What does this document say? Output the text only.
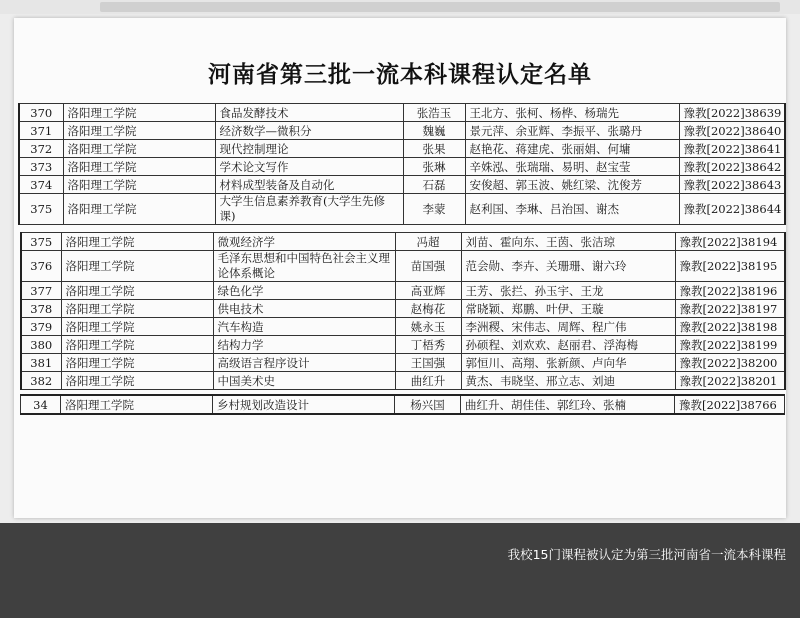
河南省第三批一流本科课程认定名单
370	洛阳理工学院	食品发酵技术	张浩玉	王北方、张柯、杨桦、杨瑞先	豫教[2022]38639
371	洛阳理工学院	经济数学—微积分	魏巍	景元萍、余亚辉、李振平、张璐丹	豫教[2022]38640
372	洛阳理工学院	现代控制理论	张果	赵艳花、蒋建虎、张丽娟、何墉	豫教[2022]38641
373	洛阳理工学院	学术论文写作	张琳	辛姝泓、张瑞瑞、易明、赵宝莹	豫教[2022]38642
374	洛阳理工学院	材料成型装备及自动化	石磊	安俊超、郭玉波、姚红梁、沈俊芳	豫教[2022]38643
375	洛阳理工学院	大学生信息素养教育(大学生先修课)	李蒙	赵利国、李琳、吕治国、谢杰	豫教[2022]38644
375	洛阳理工学院	微观经济学	冯超	刘苗、霍向东、王茵、张洁琼	豫教[2022]38194
376	洛阳理工学院	毛泽东思想和中国特色社会主义理论体系概论	苗国强	范会勋、李卉、关珊珊、谢六玲	豫教[2022]38195
377	洛阳理工学院	绿色化学	高亚辉	王芳、张拦、孙玉宇、王龙	豫教[2022]38196
378	洛阳理工学院	供电技术	赵梅花	常晓颖、郑鹏、叶伊、王璇	豫教[2022]38197
379	洛阳理工学院	汽车构造	姚永玉	李洲稷、宋伟志、周辉、程广伟	豫教[2022]38198
380	洛阳理工学院	结构力学	丁梧秀	孙硕程、刘欢欢、赵丽君、浮海梅	豫教[2022]38199
381	洛阳理工学院	高级语言程序设计	王国强	郭恒川、高翔、张新颜、卢向华	豫教[2022]38200
382	洛阳理工学院	中国美术史	曲红升	黄杰、韦晓坚、邢立志、刘迪	豫教[2022]38201
34	洛阳理工学院	乡村规划改造设计	杨兴国	曲红升、胡佳佳、郭红玲、张楠	豫教[2022]38766
我校15门课程被认定为第三批河南省一流本科课程
